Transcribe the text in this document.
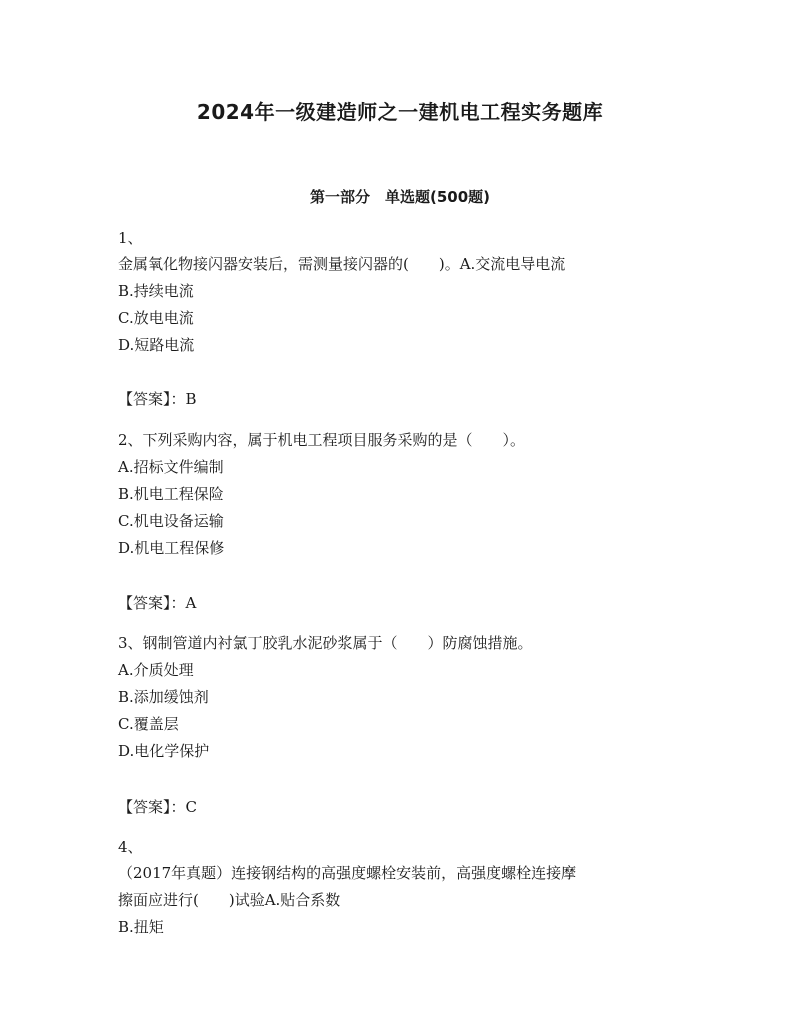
2024年一级建造师之一建机电工程实务题库
第一部分　单选题(500题)

1、

金属氧化物接闪器安装后，需测量接闪器的(　　)。A.交流电导电流

B.持续电流

C.放电电流

D.短路电流

【答案】：B

2、下列采购内容，属于机电工程项目服务采购的是（　　）。

A.招标文件编制

B.机电工程保险

C.机电设备运输

D.机电工程保修

【答案】：A

3、钢制管道内衬氯丁胶乳水泥砂浆属于（　　）防腐蚀措施。

A.介质处理

B.添加缓蚀剂

C.覆盖层

D.电化学保护

【答案】：C

4、

（2017年真题）连接钢结构的高强度螺栓安装前，高强度螺栓连接摩

擦面应进行(　　)试验A.贴合系数

B.扭矩
